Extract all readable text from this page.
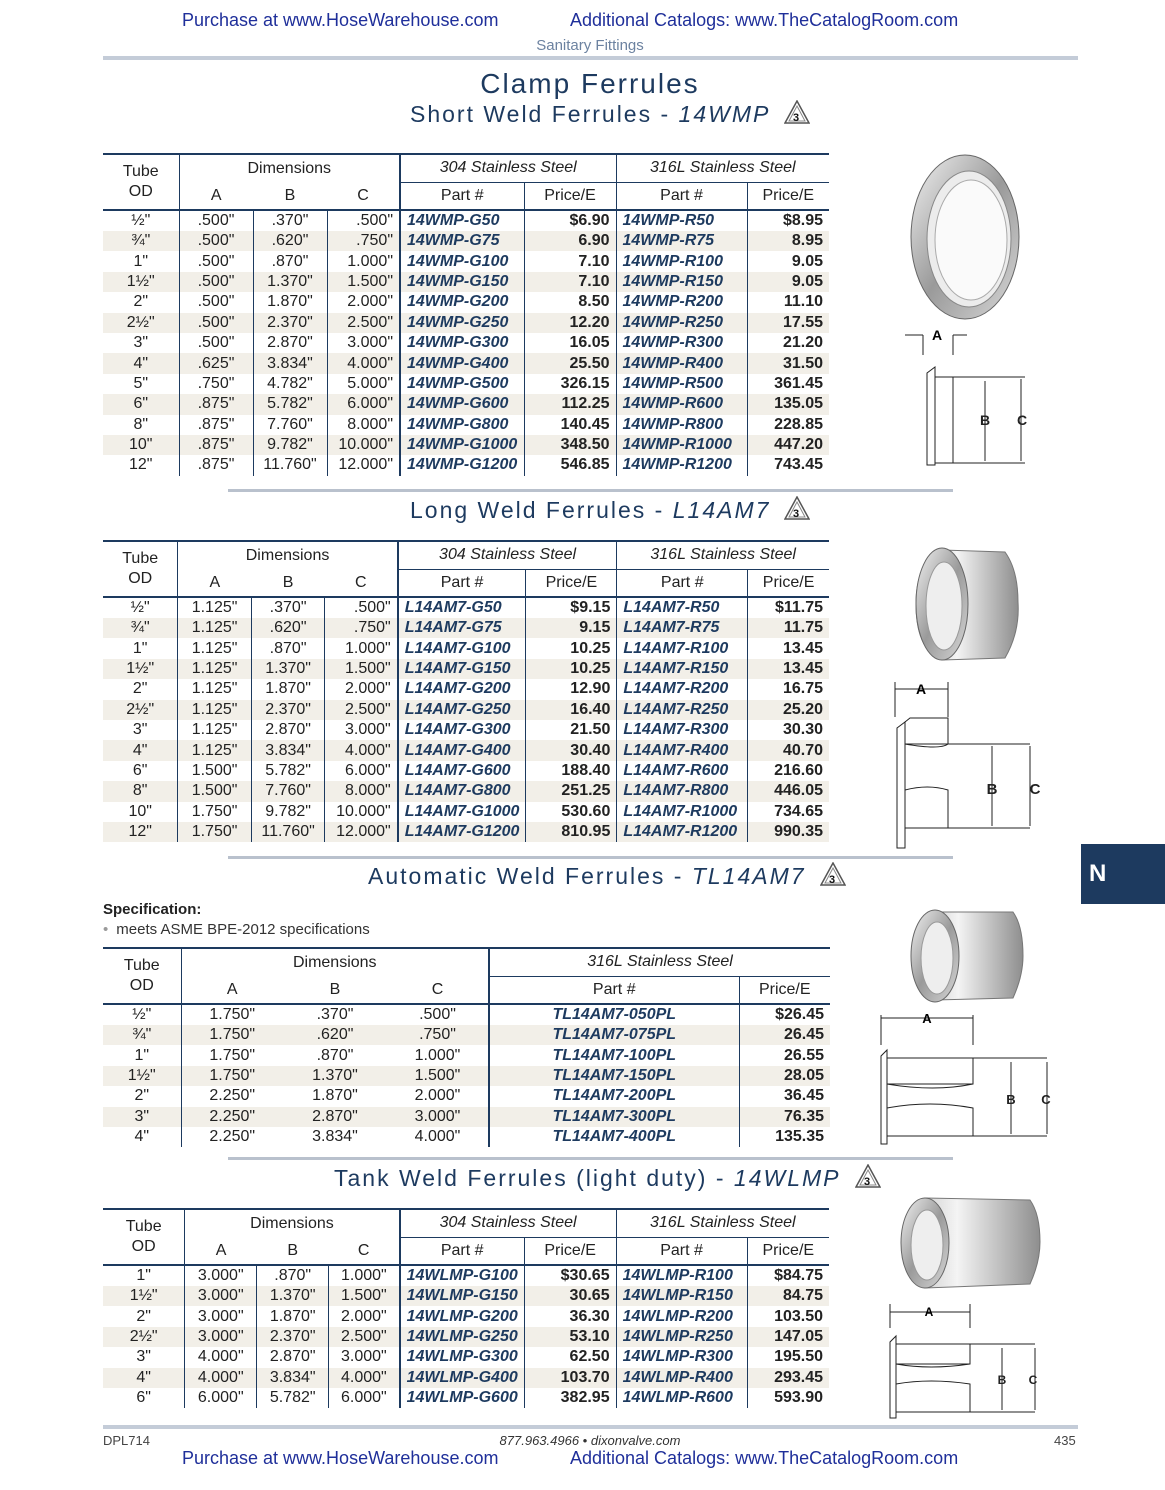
Purchase at www.HoseWarehouse.com	Additional Catalogs: www.TheCatalogRoom.com
Sanitary Fittings
Clamp Ferrules
Short Weld Ferrules - 14WMP 3
Tube
OD	Dimensions			304 Stainless Steel		316L Stainless Steel	
	A	B	C	Part #	Price/E	Part #	Price/E
½"	.500"	.370"	.500"	14WMP-G50	$6.90	14WMP-R50	$8.95
¾"	.500"	.620"	.750"	14WMP-G75	6.90	14WMP-R75	8.95
1"	.500"	.870"	1.000"	14WMP-G100	7.10	14WMP-R100	9.05
1½"	.500"	1.370"	1.500"	14WMP-G150	7.10	14WMP-R150	9.05
2"	.500"	1.870"	2.000"	14WMP-G200	8.50	14WMP-R200	11.10
2½"	.500"	2.370"	2.500"	14WMP-G250	12.20	14WMP-R250	17.55
3"	.500"	2.870"	3.000"	14WMP-G300	16.05	14WMP-R300	21.20
4"	.625"	3.834"	4.000"	14WMP-G400	25.50	14WMP-R400	31.50
5"	.750"	4.782"	5.000"	14WMP-G500	326.15	14WMP-R500	361.45
6"	.875"	5.782"	6.000"	14WMP-G600	112.25	14WMP-R600	135.05
8"	.875"	7.760"	8.000"	14WMP-G800	140.45	14WMP-R800	228.85
10"	.875"	9.782"	10.000"	14WMP-G1000	348.50	14WMP-R1000	447.20
12"	.875"	11.760"	12.000"	14WMP-G1200	546.85	14WMP-R1200	743.45
A
B C
Long Weld Ferrules - L14AM7 3
Tube
OD	Dimensions			304 Stainless Steel		316L Stainless Steel	
	A	B	C	Part #	Price/E	Part #	Price/E
½"	1.125"	.370"	.500"	L14AM7-G50	$9.15	L14AM7-R50	$11.75
¾"	1.125"	.620"	.750"	L14AM7-G75	9.15	L14AM7-R75	11.75
1"	1.125"	.870"	1.000"	L14AM7-G100	10.25	L14AM7-R100	13.45
1½"	1.125"	1.370"	1.500"	L14AM7-G150	10.25	L14AM7-R150	13.45
2"	1.125"	1.870"	2.000"	L14AM7-G200	12.90	L14AM7-R200	16.75
2½"	1.125"	2.370"	2.500"	L14AM7-G250	16.40	L14AM7-R250	25.20
3"	1.125"	2.870"	3.000"	L14AM7-G300	21.50	L14AM7-R300	30.30
4"	1.125"	3.834"	4.000"	L14AM7-G400	30.40	L14AM7-R400	40.70
6"	1.500"	5.782"	6.000"	L14AM7-G600	188.40	L14AM7-R600	216.60
8"	1.500"	7.760"	8.000"	L14AM7-G800	251.25	L14AM7-R800	446.05
10"	1.750"	9.782"	10.000"	L14AM7-G1000	530.60	L14AM7-R1000	734.65
12"	1.750"	11.760"	12.000"	L14AM7-G1200	810.95	L14AM7-R1200	990.35
A
B C
Automatic Weld Ferrules - TL14AM7 3
Specification:
• meets ASME BPE-2012 specifications
N
Tube
OD	Dimensions			316L Stainless Steel	
	A	B	C	Part #	Price/E
½"	1.750"	.370"	.500"	TL14AM7-050PL	$26.45
¾"	1.750"	.620"	.750"	TL14AM7-075PL	26.45
1"	1.750"	.870"	1.000"	TL14AM7-100PL	26.55
1½"	1.750"	1.370"	1.500"	TL14AM7-150PL	28.05
2"	2.250"	1.870"	2.000"	TL14AM7-200PL	36.45
3"	2.250"	2.870"	3.000"	TL14AM7-300PL	76.35
4"	2.250"	3.834"	4.000"	TL14AM7-400PL	135.35
A
B C
Tank Weld Ferrules (light duty) - 14WLMP 3
Tube
OD	Dimensions			304 Stainless Steel		316L Stainless Steel	
	A	B	C	Part #	Price/E	Part #	Price/E
1"	3.000"	.870"	1.000"	14WLMP-G100	$30.65	14WLMP-R100	$84.75
1½"	3.000"	1.370"	1.500"	14WLMP-G150	30.65	14WLMP-R150	84.75
2"	3.000"	1.870"	2.000"	14WLMP-G200	36.30	14WLMP-R200	103.50
2½"	3.000"	2.370"	2.500"	14WLMP-G250	53.10	14WLMP-R250	147.05
3"	4.000"	2.870"	3.000"	14WLMP-G300	62.50	14WLMP-R300	195.50
4"	4.000"	3.834"	4.000"	14WLMP-G400	103.70	14WLMP-R400	293.45
6"	6.000"	5.782"	6.000"	14WLMP-G600	382.95	14WLMP-R600	593.90
A
B C
DPL714	877.963.4966 • dixonvalve.com	435
Purchase at www.HoseWarehouse.com	Additional Catalogs: www.TheCatalogRoom.com
